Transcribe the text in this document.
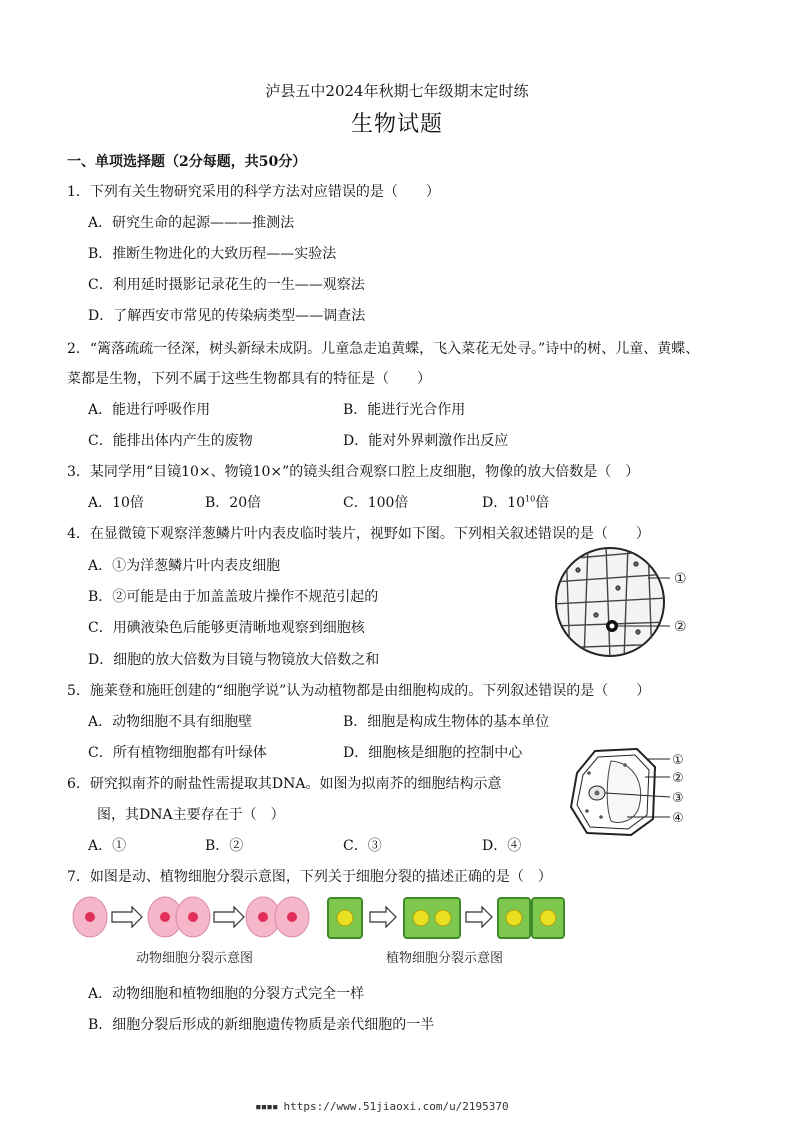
泸县五中2024年秋期七年级期末定时练
生物试题
一、单项选择题（2分每题，共50分）
1．下列有关生物研究采用的科学方法对应错误的是（　　）
A．研究生命的起源———推测法
B．推断生物进化的大致历程——实验法
C．利用延时摄影记录花生的一生——观察法
D．了解西安市常见的传染病类型——调查法
2．“篱落疏疏一径深，树头新绿未成阴。儿童急走追黄蝶，飞入菜花无处寻。”诗中的树、儿童、黄蝶、
菜都是生物，下列不属于这些生物都具有的特征是（　　）
A．能进行呼吸作用	B．能进行光合作用
C．能排出体内产生的废物	D．能对外界刺激作出反应
3．某同学用“目镜10×、物镜10×”的镜头组合观察口腔上皮细胞，物像的放大倍数是（　）
A．10倍	B．20倍	C．100倍	D．$10^{10}$倍
4．在显微镜下观察洋葱鳞片叶内表皮临时装片，视野如下图。下列相关叙述错误的是（　　）
A．①为洋葱鳞片叶内表皮细胞
B．②可能是由于加盖盖玻片操作不规范引起的
C．用碘液染色后能够更清晰地观察到细胞核
D．细胞的放大倍数为目镜与物镜放大倍数之和
①
②
5．施莱登和施旺创建的“细胞学说”认为动植物都是由细胞构成的。下列叙述错误的是（　　）
A．动物细胞不具有细胞壁	B．细胞是构成生物体的基本单位
C．所有植物细胞都有叶绿体	D．细胞核是细胞的控制中心	①
②
③
④
6．研究拟南芥的耐盐性需提取其DNA。如图为拟南芥的细胞结构示意
图，其DNA主要存在于（　）
A．①	B．②	C．③	D．④
7．如图是动、植物细胞分裂示意图，下列关于细胞分裂的描述正确的是（　）
动物细胞分裂示意图	植物细胞分裂示意图
A．动物细胞和植物细胞的分裂方式完全一样
B．细胞分裂后形成的新细胞遗传物质是亲代细胞的一半
▪▪▪▪ https://www.51jiaoxi.com/u/2195370
